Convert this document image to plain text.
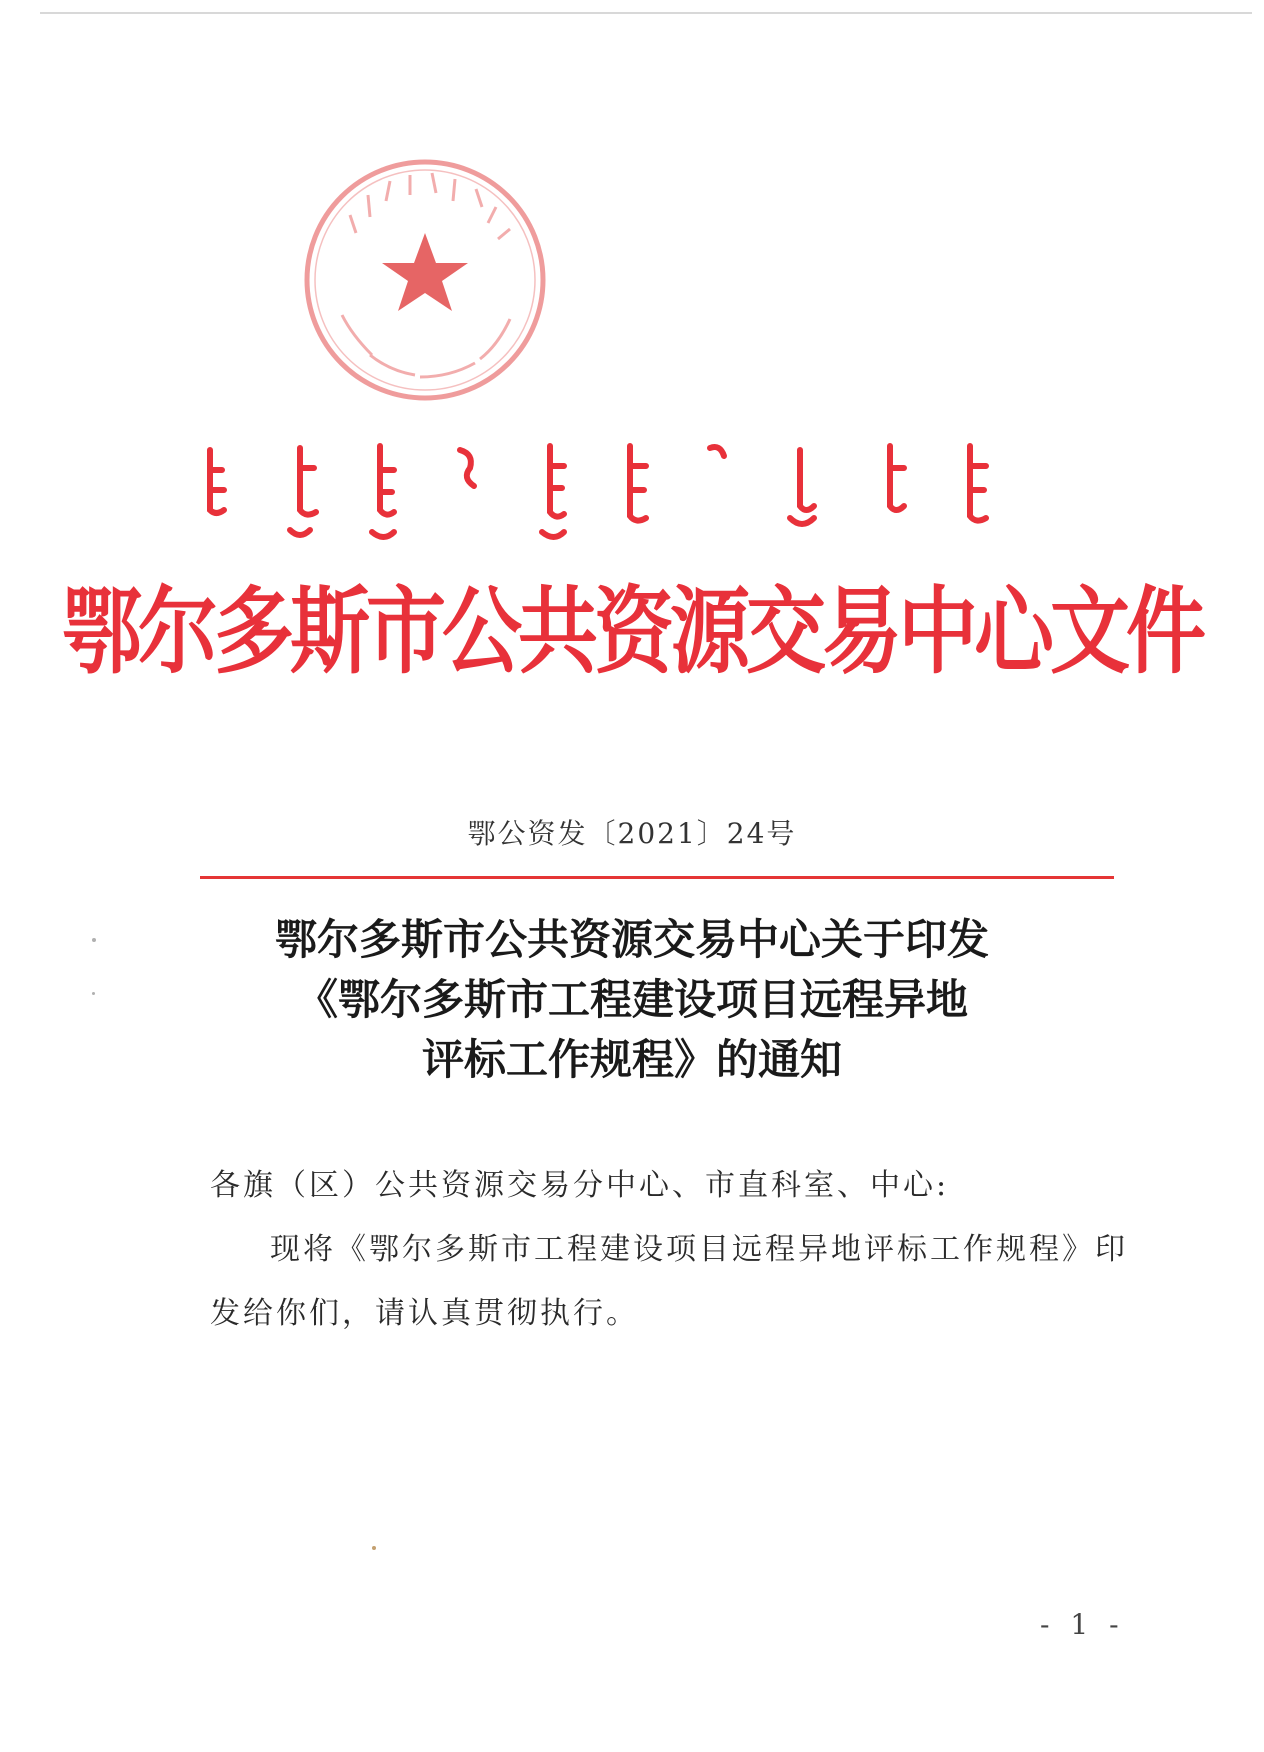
鄂尔多斯市公共资源交易中心文件
鄂公资发〔2021〕24号
鄂尔多斯市公共资源交易中心关于印发
《鄂尔多斯市工程建设项目远程异地
评标工作规程》的通知
各旗（区）公共资源交易分中心、市直科室、中心:
现将《鄂尔多斯市工程建设项目远程异地评标工作规程》印发给你们，请认真贯彻执行。
- 1 -
